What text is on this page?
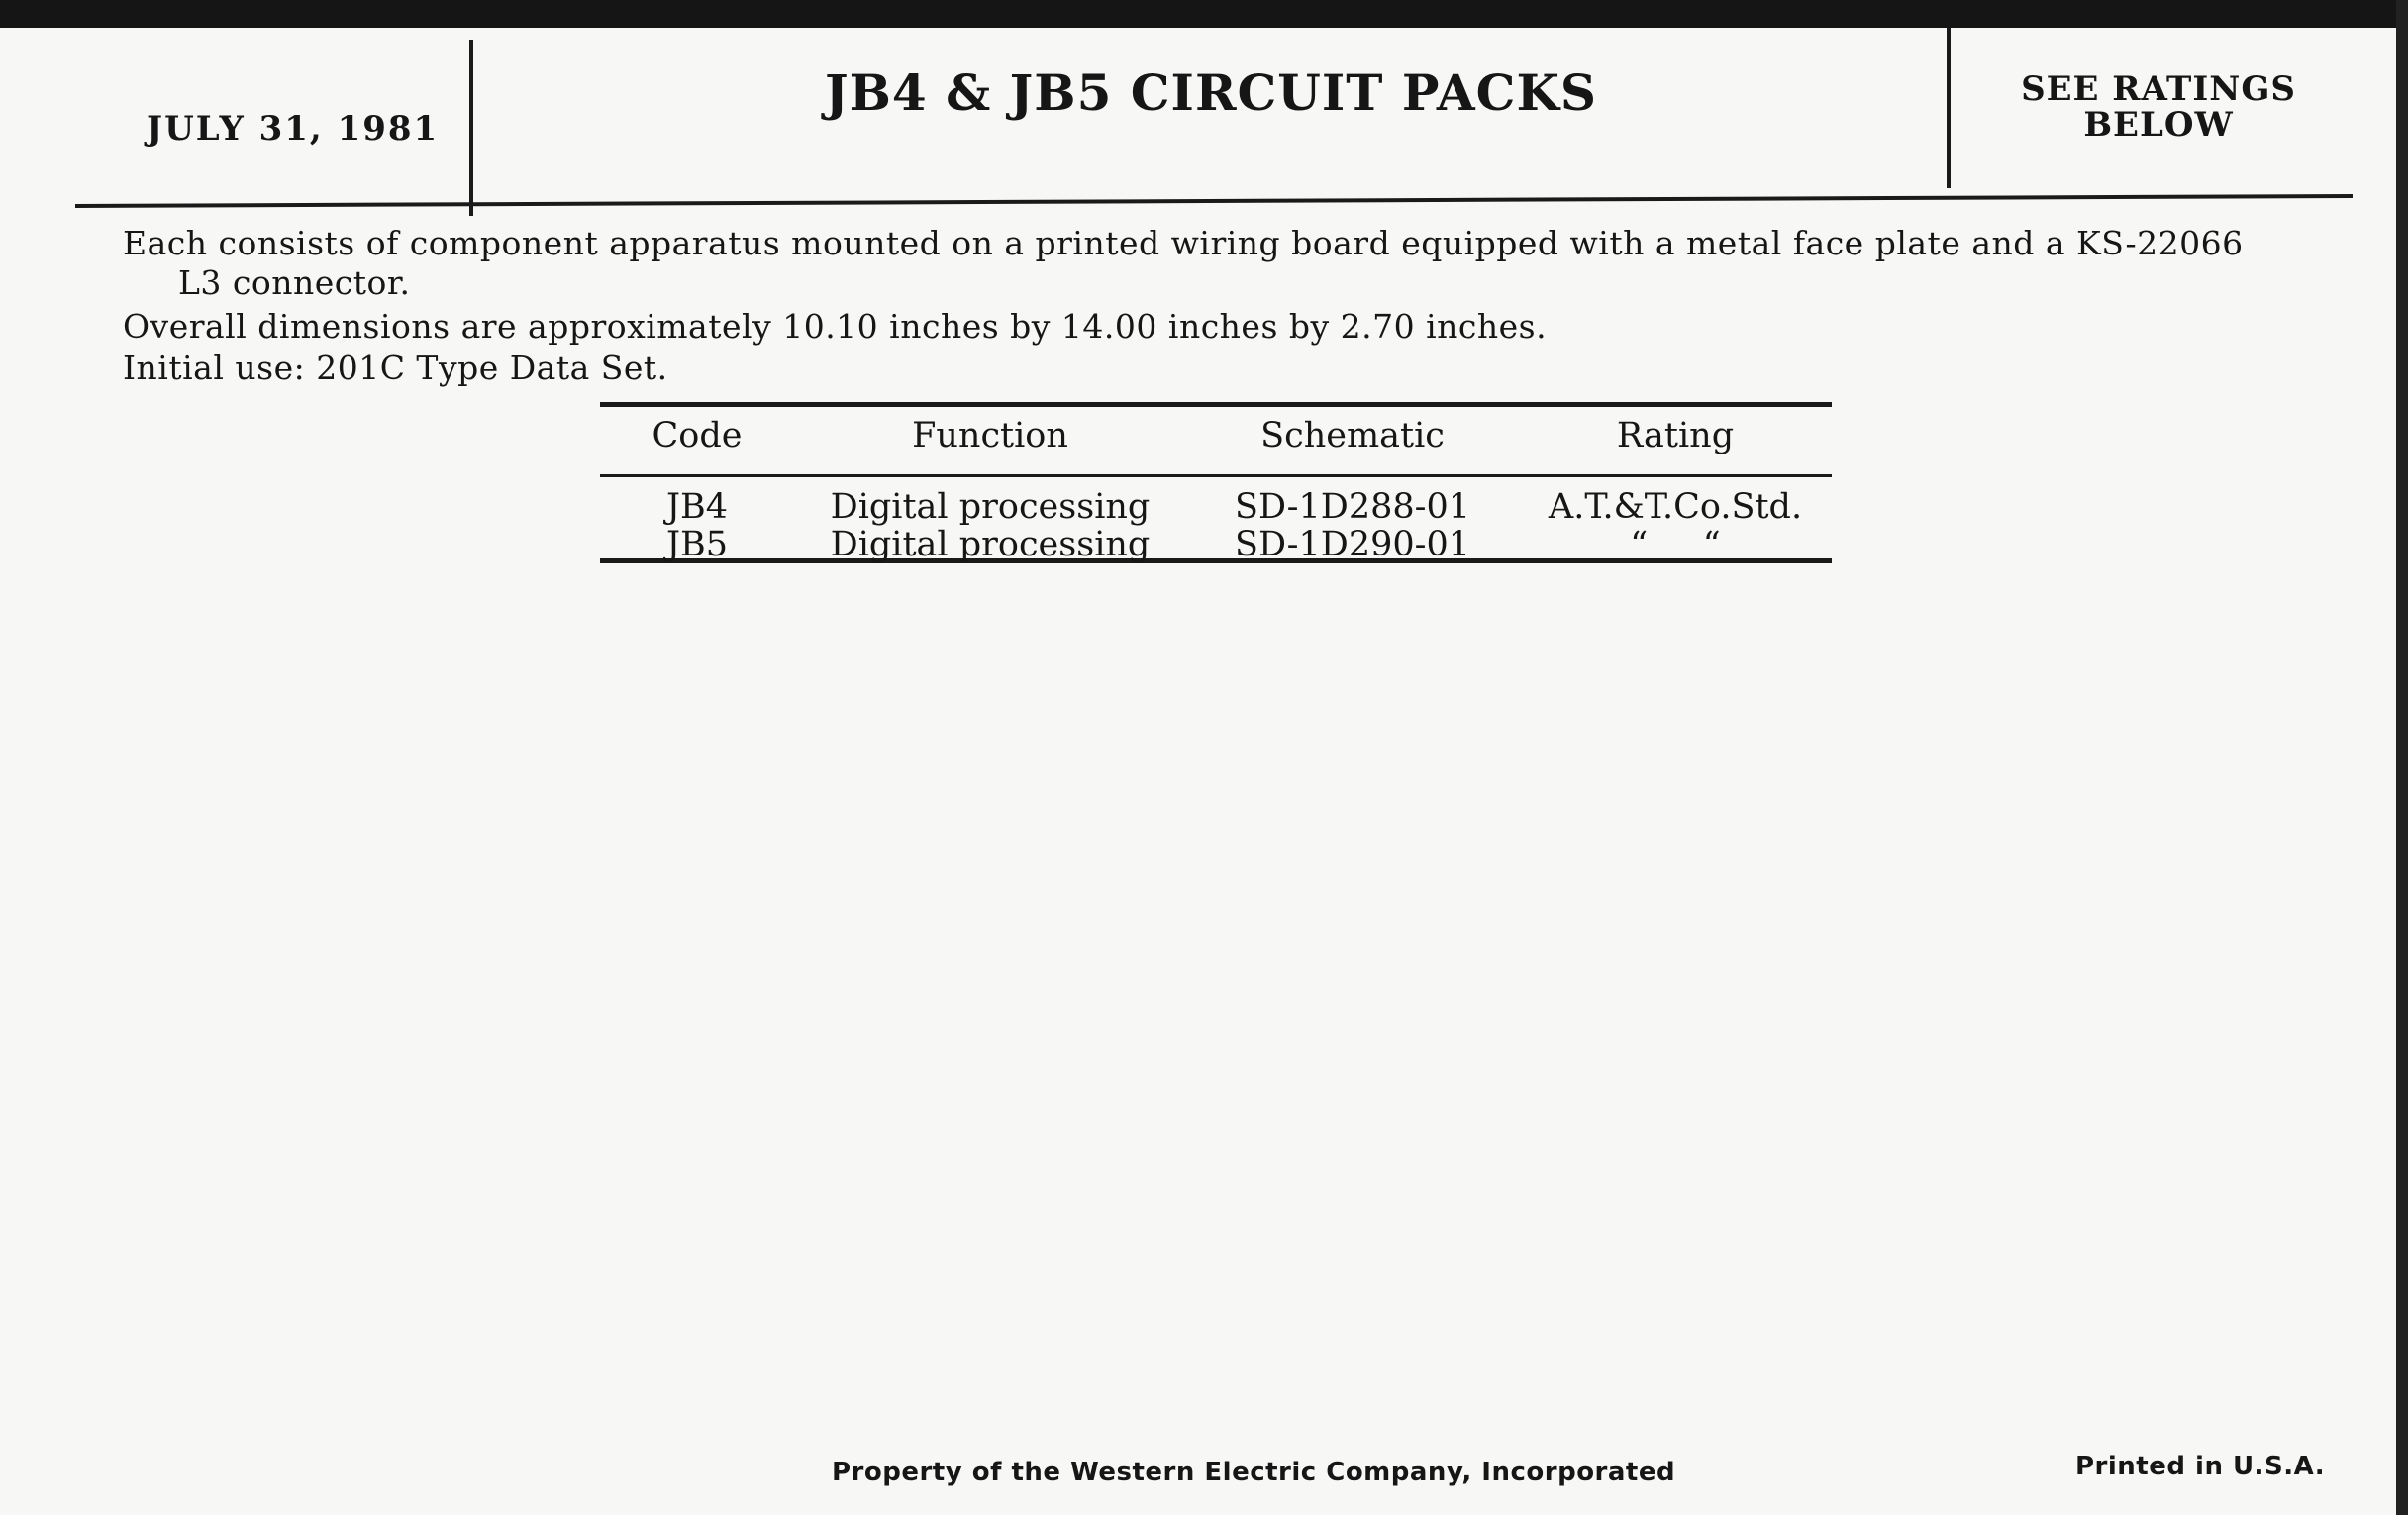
JULY 31, 1981
JB4 & JB5 CIRCUIT PACKS	SEE RATINGS
BELOW
Each consists of component apparatus mounted on a printed wiring board equipped with a metal face plate and a KS-22066
L3 connector.
Overall dimensions are approximately 10.10 inches by 14.00 inches by 2.70 inches.
Initial use: 201C Type Data Set.
Code	Function	Schematic	Rating

JB4	Digital processing	SD-1D288-01	A.T.&T.Co.Std.
JB5	Digital processing	SD-1D290-01	“     “
Property of the Western Electric Company, Incorporated	Printed in U.S.A.
